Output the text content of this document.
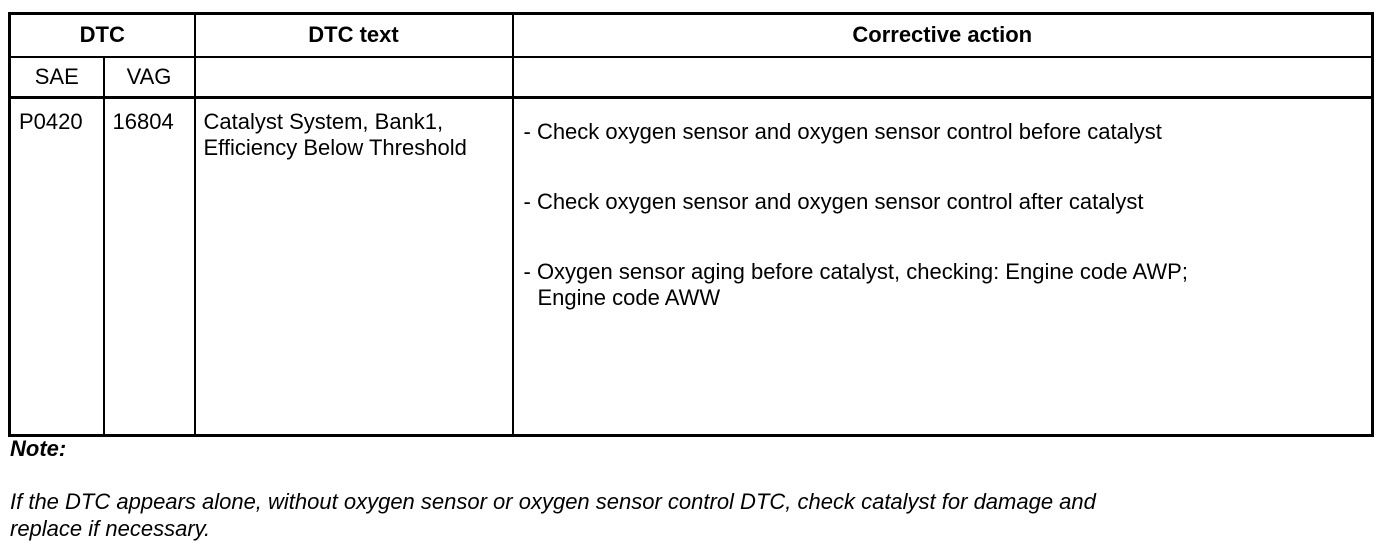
DTC		DTC text	Corrective action
SAE	VAG		
P0420	16804	Catalyst System, Bank1, Efficiency Below Threshold	- Check oxygen sensor and oxygen sensor control before catalyst

- Check oxygen sensor and oxygen sensor control after catalyst

- Oxygen sensor aging before catalyst, checking: Engine code AWP; Engine code AWW

Note:

If the DTC appears alone, without oxygen sensor or oxygen sensor control DTC, check catalyst for damage and replace if necessary.
